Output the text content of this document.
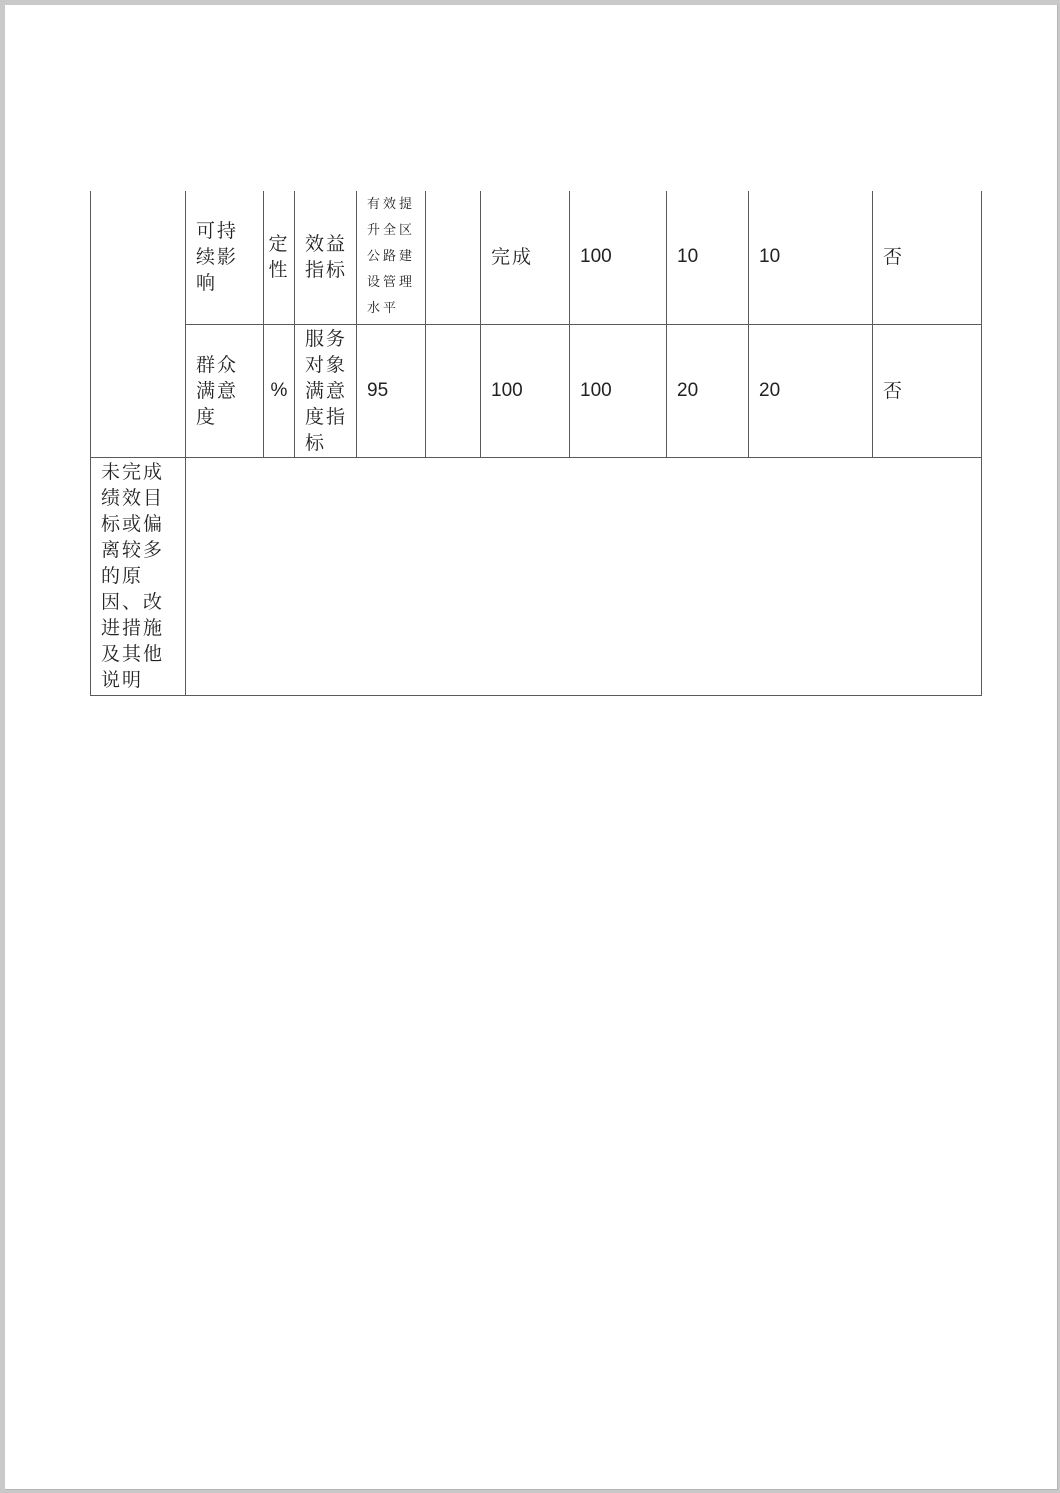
	可持续影响	定性	效益指标	有效提升全区公路建设管理水平		完成	100	10	10	否

	群众满意度	%	服务对象满意度指标	95		100	100	20	20	否

未完成绩效目标或偏离较多的原因、改进措施及其他说明										
